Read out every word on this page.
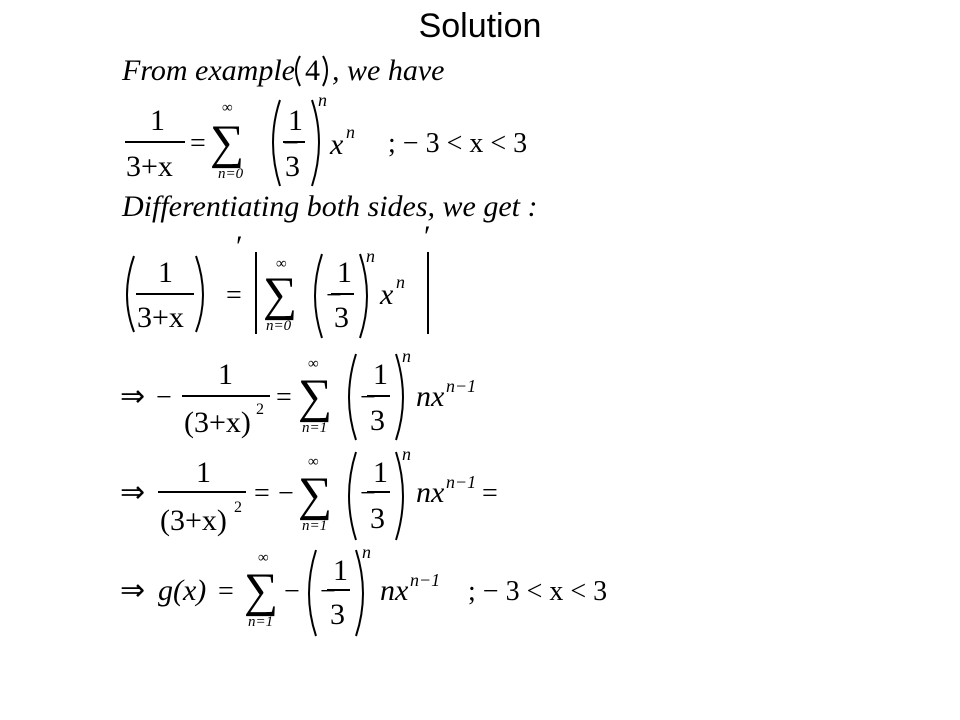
Solution
From example 4 , we have
1
3+x
=
∞
∑
n=0
−
1
3
n
x n ; − 3 < x < 3
Differentiating both sides, we get :
1
3+x
′
=
∞
∑
n=0
−
1
3
n
x n
′
⇒ −
1
(3+x) 2 =
∞
∑
n=1
−
1
3
n
nx n−1
⇒
1
(3+x) 2 = −
∞
∑
n=1
−
1
3
n
nx n−1 =
⇒ g(x) =
∞
∑
n=1
− −
1
3
n
nx n−1 ; − 3 < x < 3
